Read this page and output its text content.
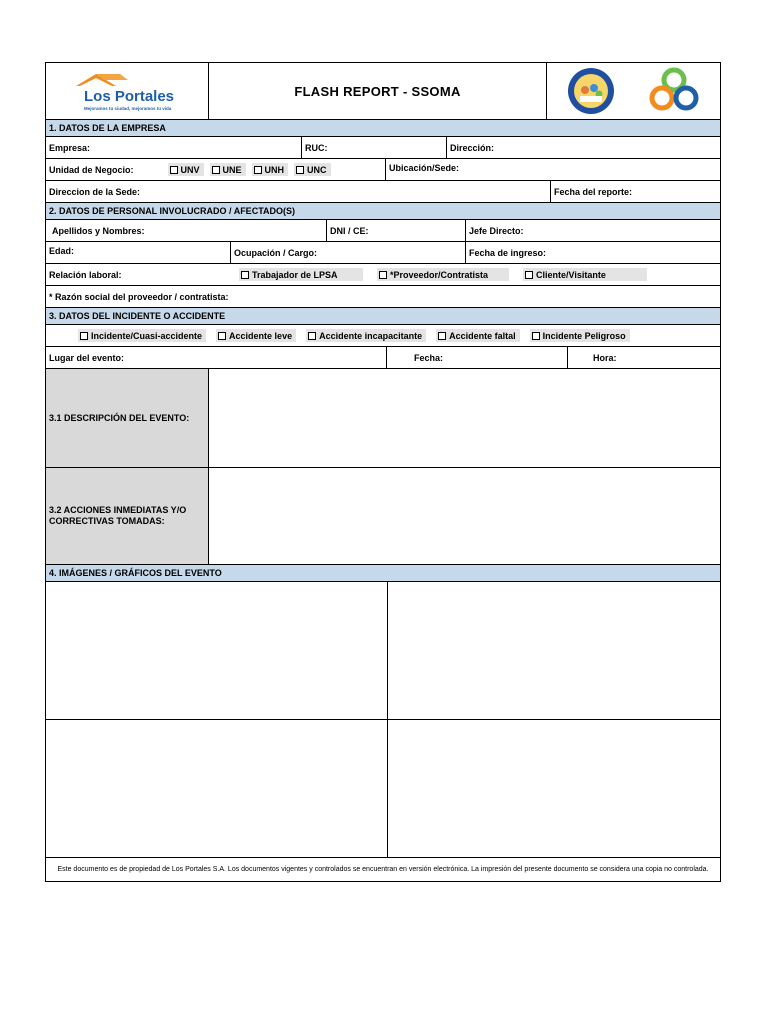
Los Portales
Mejoramos tu ciudad, mejoramos tu vida
FLASH REPORT - SSOMA
1. DATOS DE LA EMPRESA
Empresa:	RUC:	Dirección:
Unidad de Negocio:	UNV	UNE	UNH	UNC	Ubicación/Sede:
Direccion de la Sede:	Fecha del reporte:
2. DATOS DE PERSONAL INVOLUCRADO / AFECTADO(S)
Apellidos y Nombres:	DNI / CE:	Jefe Directo:
Edad:	Ocupación / Cargo:	Fecha de ingreso:
Relación laboral:	Trabajador de LPSA	*Proveedor/Contratista	Cliente/Visitante
* Razón social del proveedor / contratista:
3. DATOS DEL INCIDENTE O ACCIDENTE
Incidente/Cuasi-accidente	Accidente leve	Accidente incapacitante	Accidente faltal	Incidente Peligroso
Lugar del evento:	Fecha:	Hora:
3.1 DESCRIPCIÓN DEL EVENTO:
3.2 ACCIONES INMEDIATAS Y/O CORRECTIVAS TOMADAS:
4. IMÁGENES / GRÁFICOS DEL EVENTO
Este documento es de propiedad de Los Portales S.A. Los documentos vigentes y controlados se encuentran en versión electrónica. La impresión del presente documento se considera una copia no controlada.
